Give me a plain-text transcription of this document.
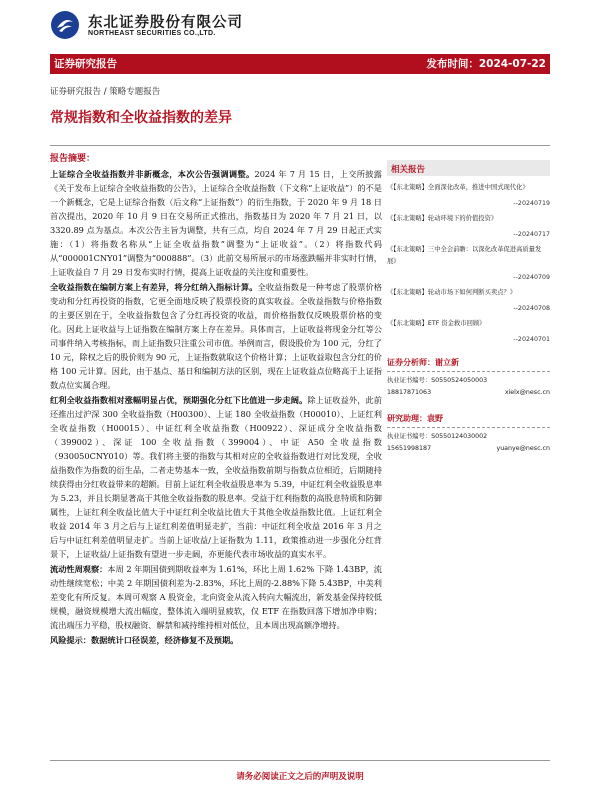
东北证券股份有限公司
NORTHEAST SECURITIES CO.,LTD.
证券研究报告	发布时间：2024-07-22
证券研究报告 / 策略专题报告
常规指数和全收益指数的差异
报告摘要：

上证综合全收益指数并非新概念，本次公告强调调整。2024 年 7 月 15 日，上交所披露《关于发布上证综合全收益指数的公告》，上证综合全收益指数（下文称“上证收益”）的不是一个新概念，它是上证综合指数（后文称“上证指数”）的衍生指数，于 2020 年 9 月 18 日首次提出，2020 年 10 月 9 日在交易所正式推出，指数基日为 2020 年 7 月 21 日，以 3320.89 点为基点。本次公告主旨为调整，共有三点，均自 2024 年 7 月 29 日起正式实施：（1）将指数名称从“上证全收益指数”调整为“上证收益”。（2）将指数代码从“000001CNY01”调整为“000888”。（3）此前交易所展示的市场涨跌幅并非实时行情，上证收益自 7 月 29 日发布实时行情，提高上证收益的关注度和重要性。

全收益指数在编制方案上有差异，将分红纳入指标计算。全收益指数是一种考虑了股票价格变动和分红再投资的指数，它更全面地反映了股票投资的真实收益。全收益指数与价格指数的主要区别在于，全收益指数包含了分红再投资的收益，而价格指数仅反映股票价格的变化。因此上证收益与上证指数在编制方案上存在差异。具体而言，上证收益将现金分红等公司事件纳入考核指标，而上证指数只注重公司市值。举例而言，假设股价为 100 元，分红了 10 元，除权之后的股价则为 90 元，上证指数就取这个价格计算；上证收益取包含分红的价格 100 元计算。因此，由于基点、基日和编制方法的区别，现在上证收益点位略高于上证指数点位实属合理。

红利全收益指数相对涨幅明显占优，预期强化分红下比值进一步走阔。除上证收益外，此前还推出过沪深 300 全收益指数（H00300）、上证 180 全收益指数（H00010）、上证红利全收益指数（H00015）、中证红利全收益指数（H00922）、深证成分全收益指数（399002）、深证 100 全收益指数（399004）、中证 A50 全收益指数（930050CNY010）等。我们将主要的指数与其相对应的全收益指数进行对比发现，全收益指数作为指数的衍生品，二者走势基本一致，全收益指数前期与指数点位相近，后期随持续获得由分红收益带来的超额。目前上证红利全收益股息率为 5.39，中证红利全收益股息率为 5.23，并且长期显著高于其他全收益指数的股息率。受益于红利指数的高股息特质和防御属性，上证红利全收益比值大于中证红利全收益比值大于其他全收益指数比值。上证红利全收益 2014 年 3 月之后与上证红利差值明显走扩，当前：中证红利全收益 2016 年 3 月之后与中证红利差值明显走扩。当前上证收益/上证指数为 1.11，政策推动进一步强化分红背景下，上证收益/上证指数有望进一步走阔，亦更能代表市场收益的真实水平。

流动性周观察：本周 2 年期国债到期收益率为 1.61%，环比上周 1.62% 下降 1.43BP，流动性继续宽松；中美 2 年期国债利差为-2.83%，环比上周的-2.88%下降 5.43BP，中美利差变化有所反复。本周可观察 A 股资金，北向资金从流入转向大幅流出，新发基金保持较低规模，融资规模增大流出幅度，整体流入端明显疲软，仅 ETF 在指数回落下增加净申购；流出端压力平稳，股权融资、解禁和减持维持相对低位，且本周出现高额净增持。

风险提示：数据统计口径误差，经济修复不及预期。

相关报告
《【东北策略】全面深化改革，推进中国式现代化》
--20240719
《【东北策略】轮动环境下的价值投资》
--20240717
《【东北策略】三中全会前瞻：以深化改革促进高质量发展》
--20240709
《【东北策略】轮动市场下如何判断买卖点？》
--20240708
《【东北策略】ETF 资金救市回顾》
--20240701
证券分析师：谢立新
执业证书编号：S0550524050003
18817871063	xielx@nesc.cn
研究助理：袁野
执业证书编号：S0550124030002
15651998187	yuanye@nesc.cn
请务必阅读正文之后的声明及说明
